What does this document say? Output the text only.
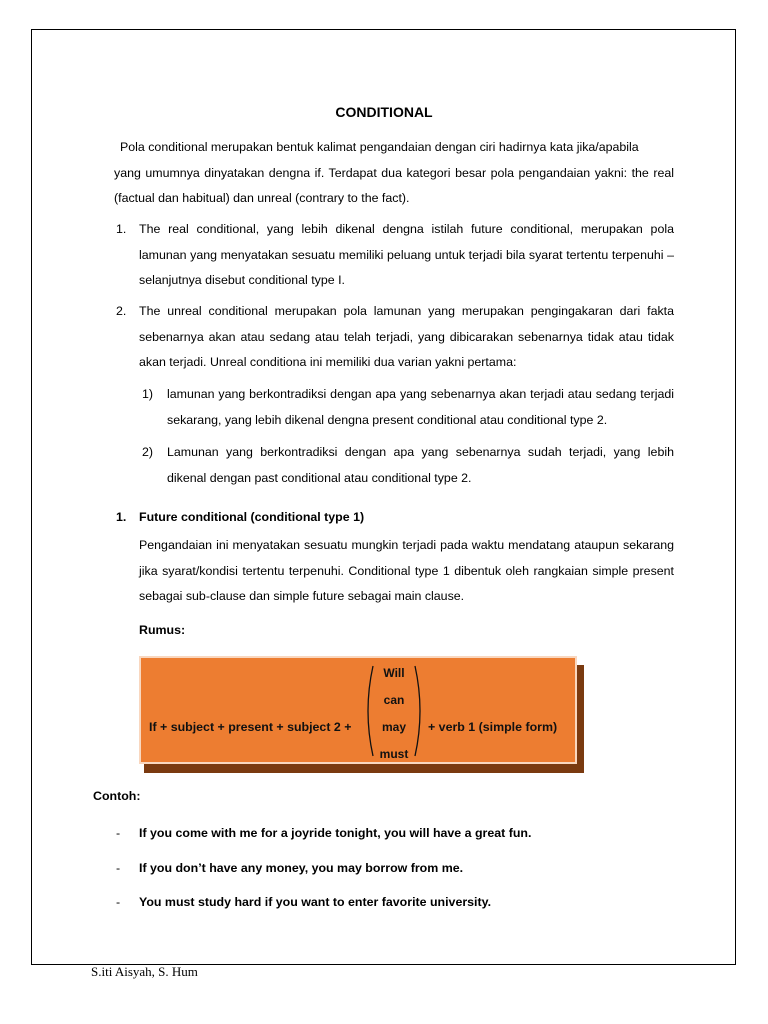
CONDITIONAL
Pola conditional merupakan bentuk kalimat pengandaian dengan ciri hadirnya kata jika/apabila
yang umumnya dinyatakan dengna if. Terdapat dua kategori besar pola pengandaian yakni: the real (factual dan habitual) dan unreal (contrary to the fact).
1. The real conditional, yang lebih dikenal dengna istilah future conditional, merupakan pola lamunan yang menyatakan sesuatu memiliki peluang untuk terjadi bila syarat tertentu terpenuhi – selanjutnya disebut conditional type I.
2. The unreal conditional merupakan pola lamunan yang merupakan pengingakaran dari fakta sebenarnya akan atau sedang atau telah terjadi, yang dibicarakan sebenarnya tidak atau tidak akan terjadi. Unreal conditiona ini memiliki dua varian yakni pertama:
1) lamunan yang berkontradiksi dengan apa yang sebenarnya akan terjadi atau sedang terjadi sekarang, yang lebih dikenal dengna present conditional atau conditional type 2.
2) Lamunan yang berkontradiksi dengan apa yang sebenarnya sudah terjadi, yang lebih dikenal dengan past conditional atau conditional type 2.
1. Future conditional (conditional type 1)
Pengandaian ini menyatakan sesuatu mungkin terjadi pada waktu mendatang ataupun sekarang jika syarat/kondisi tertentu terpenuhi. Conditional type 1 dibentuk oleh rangkaian simple present sebagai sub-clause dan simple future sebagai main clause.
Rumus:
If + subject + present + subject 2 +
Will
can
may
must
+ verb 1 (simple form)
Contoh:
- If you come with me for a joyride tonight, you will have a great fun.
- If you don’t have any money, you may borrow from me.
- You must study hard if you want to enter favorite university.
S.iti Aisyah, S. Hum
